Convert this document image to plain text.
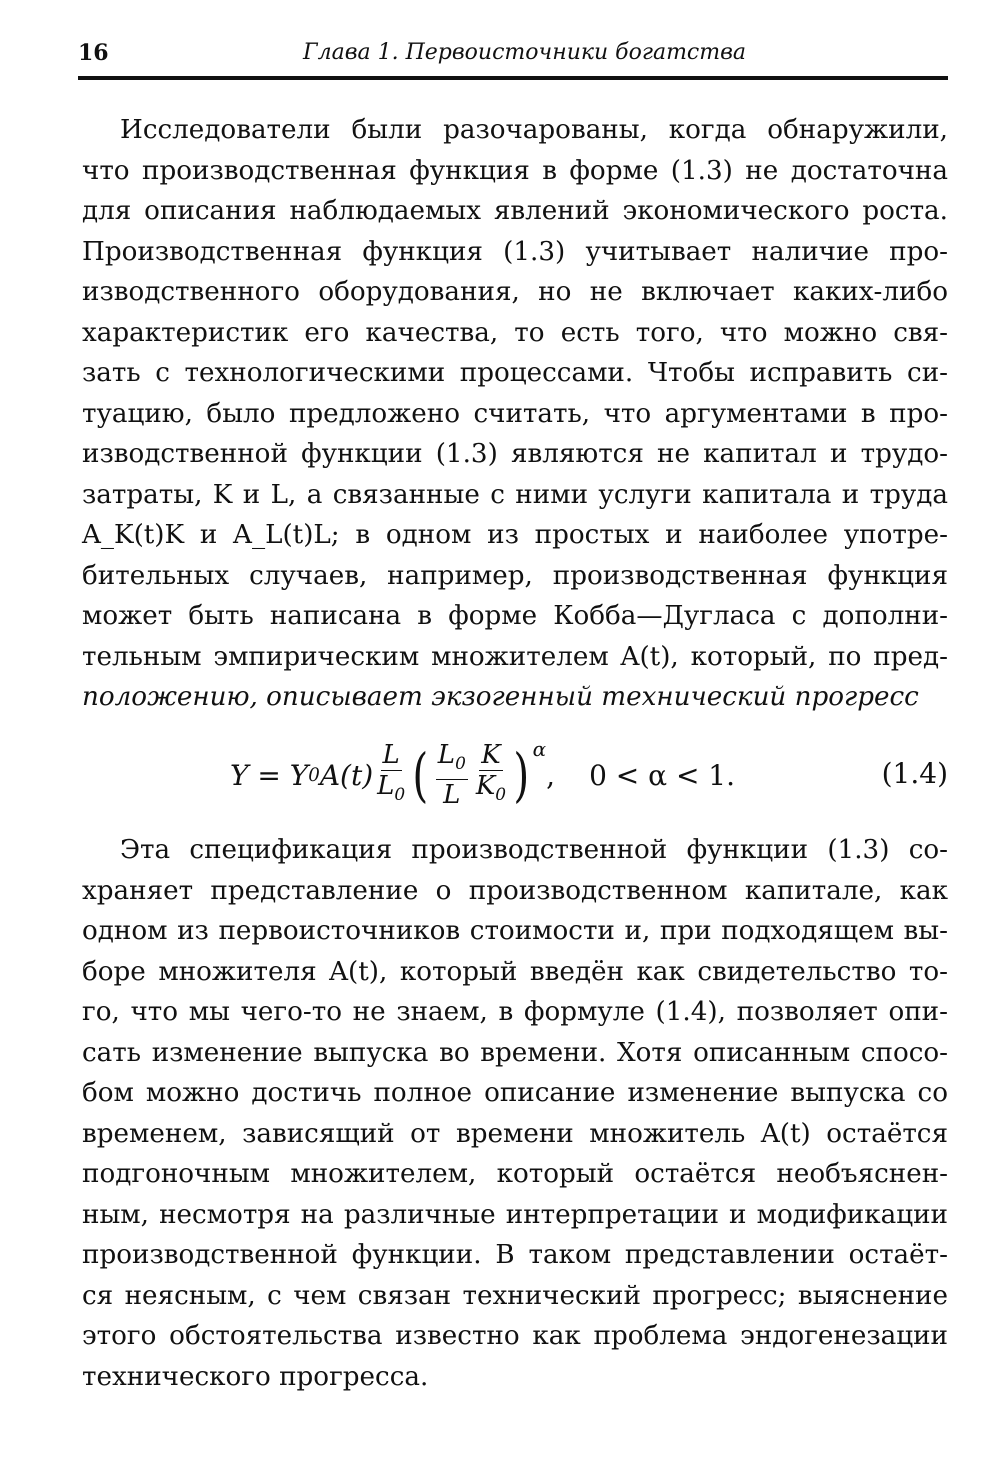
16	Глава 1. Первоисточники богатства
Исследователи были разочарованы, когда обнаружили,
что производственная функция в форме (1.3) не достаточна
для описания наблюдаемых явлений экономического роста.
Производственная функция (1.3) учитывает наличие про-
изводственного оборудования, но не включает каких-либо
характеристик его качества, то есть того, что можно свя-
зать с технологическими процессами. Чтобы исправить си-
туацию, было предложено считать, что аргументами в про-
изводственной функции (1.3) являются не капитал и трудо-
затраты, K и L, а связанные с ними услуги капитала и труда
A_K(t)K и A_L(t)L; в одном из простых и наиболее употре-
бительных случаев, например, производственная функция
может быть написана в форме Кобба—Дугласа с дополни-
тельным эмпирическим множителем A(t), который, по пред-
положению, описывает экзогенный технический прогресс
Y = Y 0 $A(t) \frac{L}{L_0}$ ( $\frac{L_0}{L} \frac{K}{K_0}$ ) α
, 0 < α < 1.	(1.4)
Эта спецификация производственной функции (1.3) со-
храняет представление о производственном капитале, как
одном из первоисточников стоимости и, при подходящем вы-
боре множителя A(t), который введён как свидетельство то-
го, что мы чего-то не знаем, в формуле (1.4), позволяет опи-
сать изменение выпуска во времени. Хотя описанным спосо-
бом можно достичь полное описание изменение выпуска со
временем, зависящий от времени множитель A(t) остаётся
подгоночным множителем, который остаётся необъяснен-
ным, несмотря на различные интерпретации и модификации
производственной функции. В таком представлении остаёт-
ся неясным, с чем связан технический прогресс; выяснение
этого обстоятельства известно как проблема эндогенезации
технического прогресса.
